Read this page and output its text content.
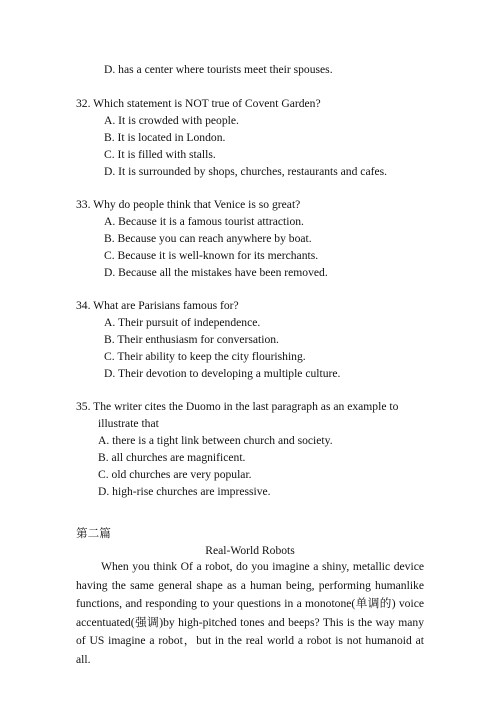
D. has a center where tourists meet their spouses.
32. Which statement is NOT true of Covent Garden?
A. It is crowded with people.
B. It is located in London.
C. It is filled with stalls.
D. It is surrounded by shops, churches, restaurants and cafes.
33. Why do people think that Venice is so great?
A. Because it is a famous tourist attraction.
B. Because you can reach anywhere by boat.
C. Because it is well-known for its merchants.
D. Because all the mistakes have been removed.
34. What are Parisians famous for?
A. Their pursuit of independence.
B. Their enthusiasm for conversation.
C. Their ability to keep the city flourishing.
D. Their devotion to developing a multiple culture.
35. The writer cites the Duomo in the last paragraph as an example to
illustrate that
A. there is a tight link between church and society.
B. all churches are magnificent.
C. old churches are very popular.
D. high-rise churches are impressive.
第二篇
Real-World Robots
When you think Of a robot, do you imagine a shiny, metallic device having the same general shape as a human being, performing humanlike functions, and responding to your questions in a monotone(单调的) voice accentuated(强调)by high-pitched tones and beeps? This is the way many of US imagine a robot，but in the real world a robot is not humanoid at all.
